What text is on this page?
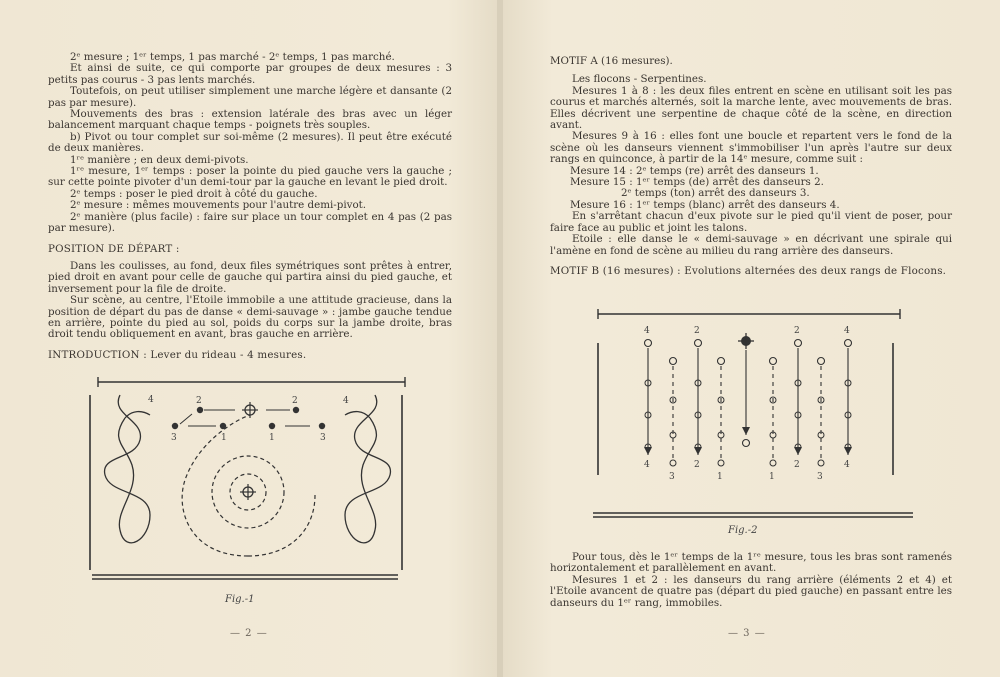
2ᵉ mesure ; 1ᵉʳ temps, 1 pas marché - 2ᵉ temps, 1 pas marché.

Et ainsi de suite, ce qui comporte par groupes de deux mesures : 3 petits pas courus - 3 pas lents marchés.

Toutefois, on peut utiliser simplement une marche légère et dansante (2 pas par mesure).

Mouvements des bras : extension latérale des bras avec un léger balancement marquant chaque temps - poignets très souples.

b) Pivot ou tour complet sur soi-même (2 mesures). Il peut être exécuté de deux manières.

1ʳᵉ manière ; en deux demi-pivots.

1ʳᵉ mesure, 1ᵉʳ temps : poser la pointe du pied gauche vers la gauche ; sur cette pointe pivoter d'un demi-tour par la gauche en levant le pied droit.

2ᵉ temps : poser le pied droit à côté du gauche.

2ᵉ mesure : mêmes mouvements pour l'autre demi-pivot.

2ᵉ manière (plus facile) : faire sur place un tour complet en 4 pas (2 pas par mesure).

POSITION DE DÉPART :

Dans les coulisses, au fond, deux files symétriques sont prêtes à entrer, pied droit en avant pour celle de gauche qui partira ainsi du pied gauche, et inversement pour la file de droite.

Sur scène, au centre, l'Etoile immobile a une attitude gracieuse, dans la position de départ du pas de danse « demi-sauvage » : jambe gauche tendue en arrière, pointe du pied au sol, poids du corps sur la jambe droite, bras droit tendu obliquement en avant, bras gauche en arrière.

INTRODUCTION : Lever du rideau - 4 mesures.

4	2	2	4
3	1	1	3
Fig.-1
— 2 —

MOTIF A (16 mesures).

Les flocons - Serpentines.

Mesures 1 à 8 : les deux files entrent en scène en utilisant soit les pas courus et marchés alternés, soit la marche lente, avec mouvements de bras. Elles décrivent une serpentine de chaque côté de la scène, en direction avant.

Mesures 9 à 16 : elles font une boucle et repartent vers le fond de la scène où les danseurs viennent s'immobiliser l'un après l'autre sur deux rangs en quinconce, à partir de la 14ᵉ mesure, comme suit :

Mesure 14 : 2ᵉ temps (re) arrêt des danseurs 1.

Mesure 15 : 1ᵉʳ temps (de) arrêt des danseurs 2.

2ᵉ temps (ton) arrêt des danseurs 3.

Mesure 16 : 1ᵉʳ temps (blanc) arrêt des danseurs 4.

En s'arrêtant chacun d'eux pivote sur le pied qu'il vient de poser, pour faire face au public et joint les talons.

Etoile : elle danse le « demi-sauvage » en décrivant une spirale qui l'amène en fond de scène au milieu du rang arrière des danseurs.

MOTIF B (16 mesures) : Evolutions alternées des deux rangs de Flocons.

4	2	2	4
4	2	2	4
3	1	1	3
Fig.-2

Pour tous, dès le 1ᵉʳ temps de la 1ʳᵉ mesure, tous les bras sont ramenés horizontalement et parallèlement en avant.

Mesures 1 et 2 : les danseurs du rang arrière (éléments 2 et 4) et l'Etoile avancent de quatre pas (départ du pied gauche) en passant entre les danseurs du 1ᵉʳ rang, immobiles.

— 3 —
